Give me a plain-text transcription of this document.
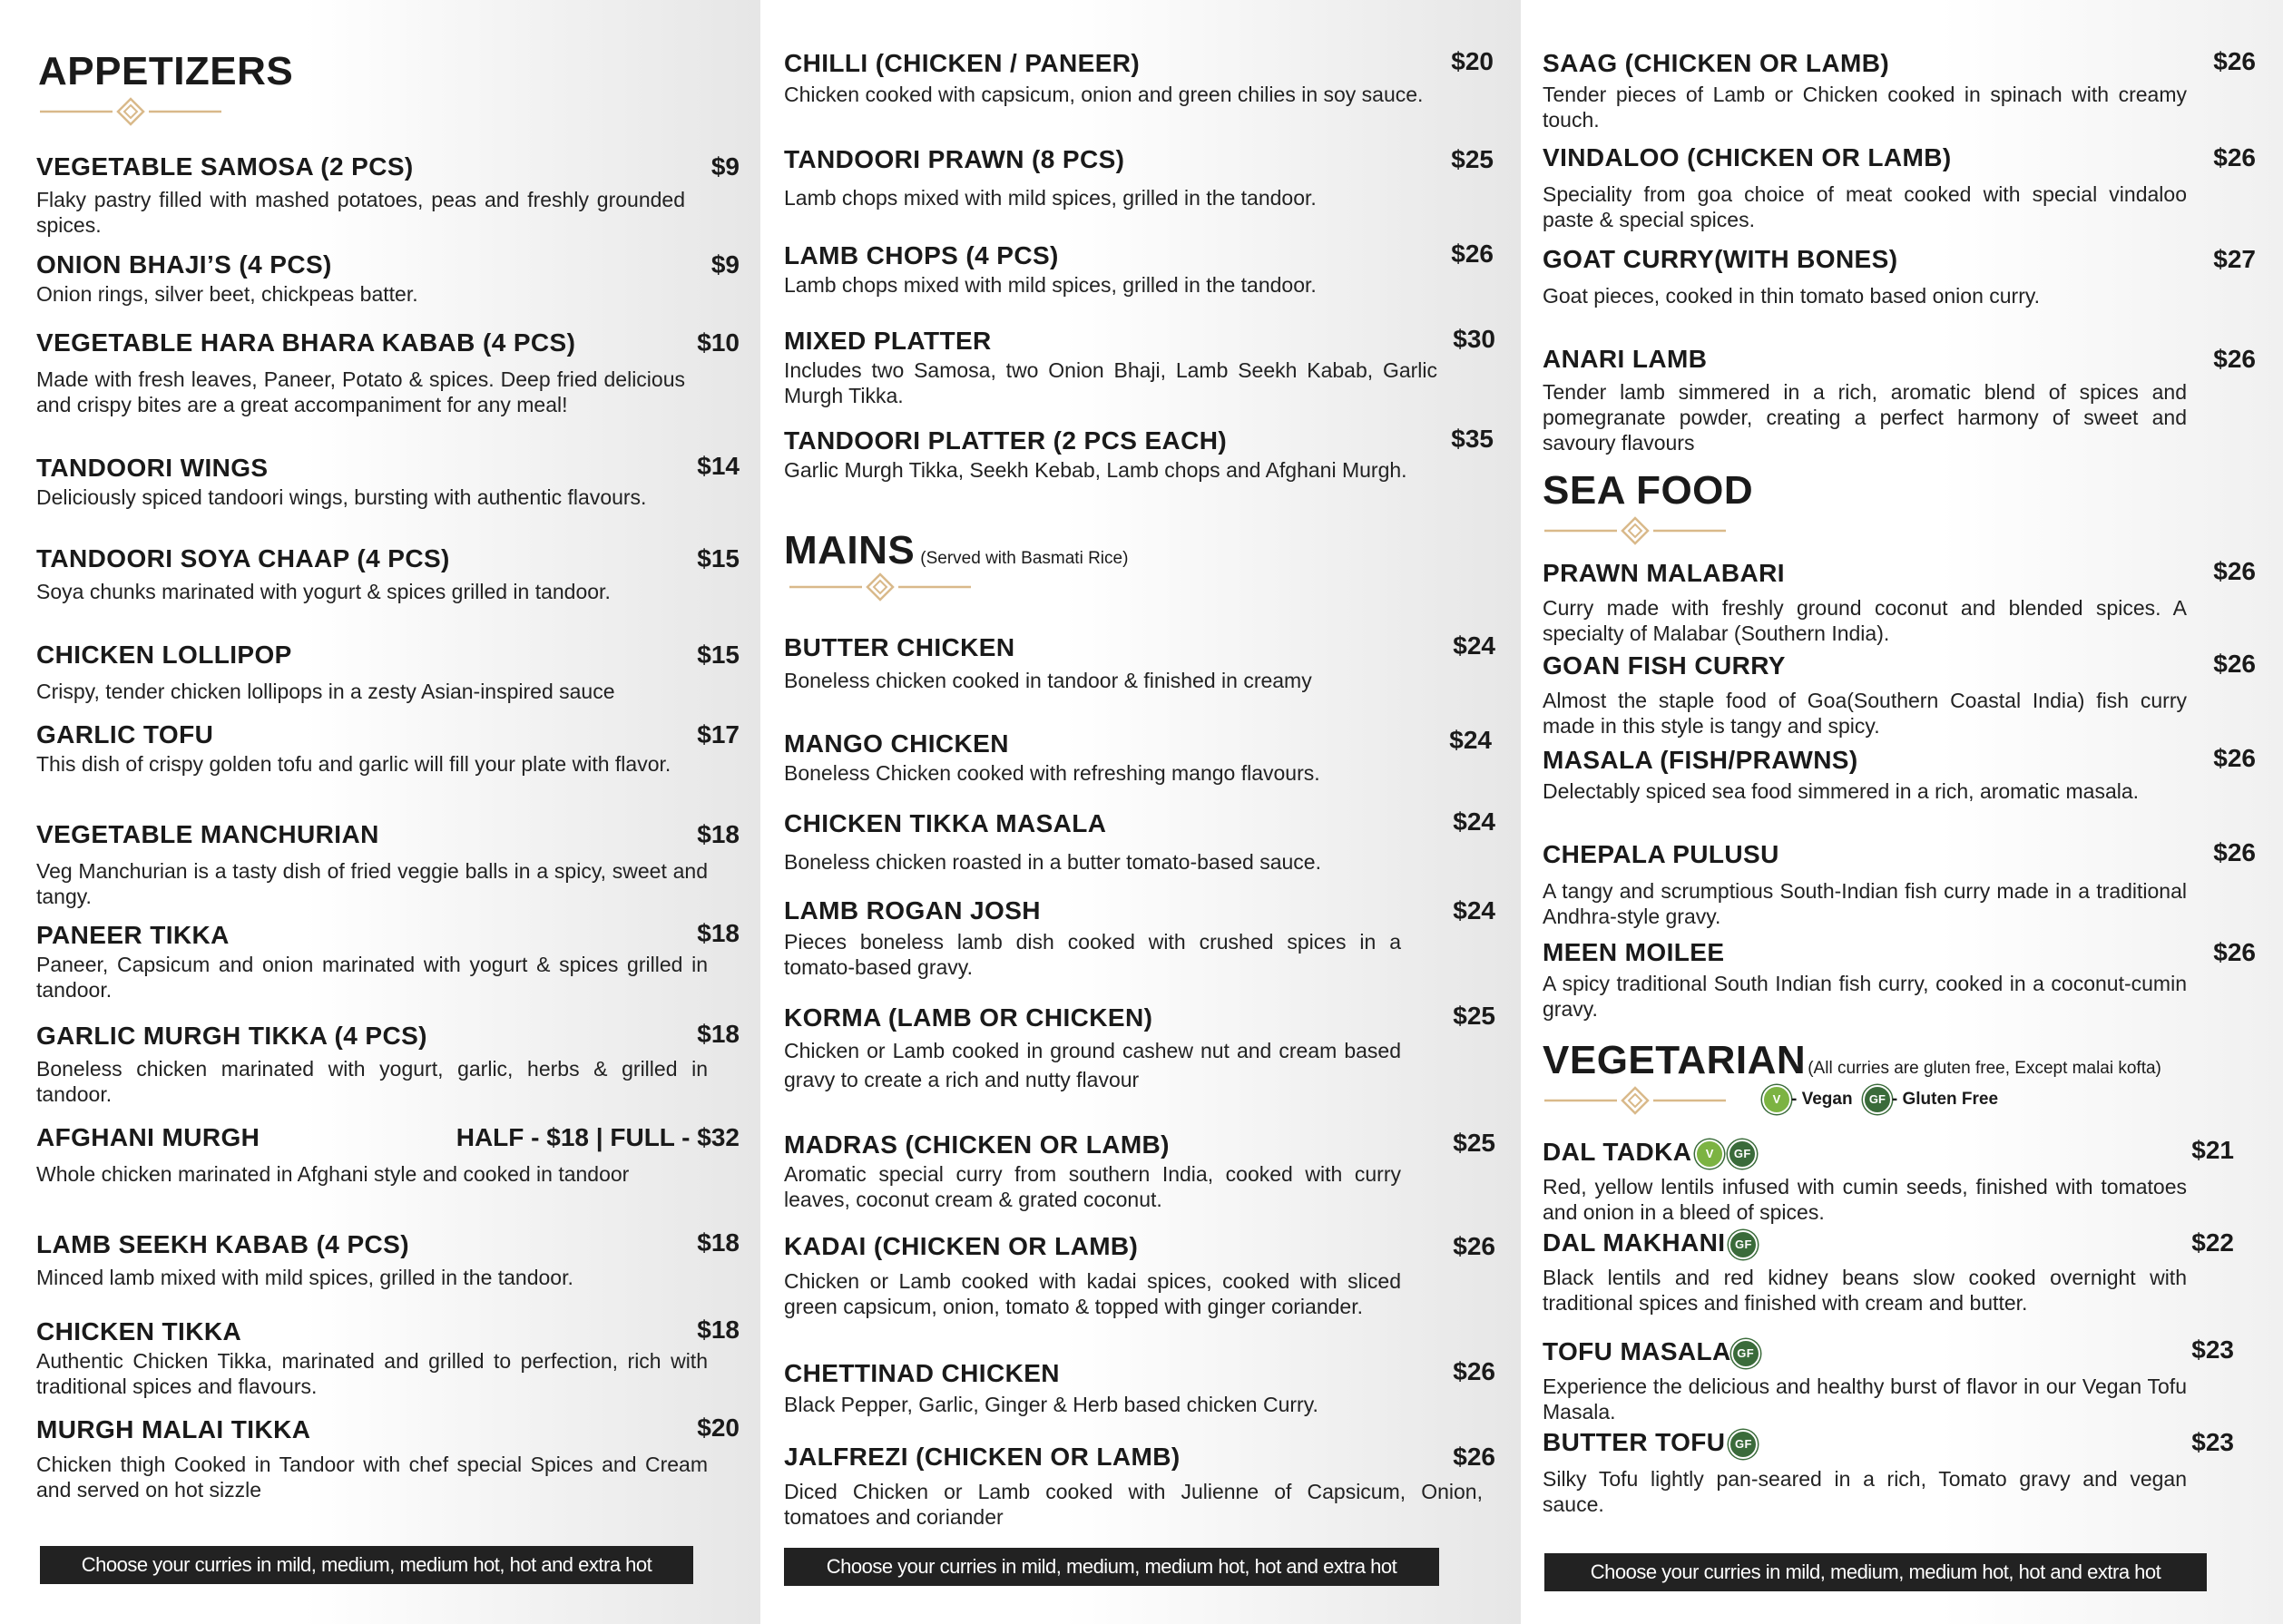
APPETIZERS
VEGETABLE SAMOSA (2 PCS)	$9
Flaky pastry filled with mashed potatoes, peas and freshly grounded spices.
ONION BHAJI’S (4 PCS)	$9
Onion rings, silver beet, chickpeas batter.
VEGETABLE HARA BHARA KABAB (4 PCS)	$10
Made with fresh leaves, Paneer, Potato & spices. Deep fried delicious and crispy bites are a great accompaniment for any meal!
TANDOORI WINGS	$14
Deliciously spiced tandoori wings, bursting with authentic flavours.
TANDOORI SOYA CHAAP (4 PCS)	$15
Soya chunks marinated with yogurt & spices grilled in tandoor.
CHICKEN LOLLIPOP	$15
Crispy, tender chicken lollipops in a zesty Asian-inspired sauce
GARLIC TOFU	$17
This dish of crispy golden tofu and garlic will fill your plate with flavor.
VEGETABLE MANCHURIAN	$18
Veg Manchurian is a tasty dish of fried veggie balls in a spicy, sweet and tangy.
PANEER TIKKA	$18
Paneer, Capsicum and onion marinated with yogurt & spices grilled in tandoor.
GARLIC MURGH TIKKA (4 PCS)	$18
Boneless chicken marinated with yogurt, garlic, herbs & grilled in tandoor.
AFGHANI MURGH	HALF - $18 | FULL - $32
Whole chicken marinated in Afghani style and cooked in tandoor
LAMB SEEKH KABAB (4 PCS)	$18
Minced lamb mixed with mild spices, grilled in the tandoor.
CHICKEN TIKKA	$18
Authentic Chicken Tikka, marinated and grilled to perfection, rich with traditional spices and flavours.
MURGH MALAI TIKKA	$20
Chicken thigh Cooked in Tandoor with chef special Spices and Cream and served on hot sizzle
Choose your curries in mild, medium, medium hot, hot and extra hot
CHILLI (CHICKEN / PANEER)	$20
Chicken cooked with capsicum, onion and green chilies in soy sauce.
TANDOORI PRAWN (8 PCS)	$25
Lamb chops mixed with mild spices, grilled in the tandoor.
LAMB CHOPS (4 PCS)	$26
Lamb chops mixed with mild spices, grilled in the tandoor.
MIXED PLATTER	$30
Includes two Samosa, two Onion Bhaji, Lamb Seekh Kabab, Garlic Murgh Tikka.
TANDOORI PLATTER (2 PCS EACH)	$35
Garlic Murgh Tikka, Seekh Kebab, Lamb chops and Afghani Murgh.
MAINS (Served with Basmati Rice)
BUTTER CHICKEN	$24
Boneless chicken cooked in tandoor & finished in creamy
MANGO CHICKEN	$24
Boneless Chicken cooked with refreshing mango flavours.
CHICKEN TIKKA MASALA	$24
Boneless chicken roasted in a butter tomato-based sauce.
LAMB ROGAN JOSH	$24
Pieces boneless lamb dish cooked with crushed spices in a tomato-based gravy.
KORMA (LAMB OR CHICKEN)	$25
Chicken or Lamb cooked in ground cashew nut and cream based gravy to create a rich and nutty flavour
MADRAS (CHICKEN OR LAMB)	$25
Aromatic special curry from southern India, cooked with curry leaves, coconut cream & grated coconut.
KADAI (CHICKEN OR LAMB)	$26
Chicken or Lamb cooked with kadai spices, cooked with sliced green capsicum, onion, tomato & topped with ginger coriander.
CHETTINAD CHICKEN	$26
Black Pepper, Garlic, Ginger & Herb based chicken Curry.
JALFREZI (CHICKEN OR LAMB)	$26
Diced Chicken or Lamb cooked with Julienne of Capsicum, Onion, tomatoes and coriander
Choose your curries in mild, medium, medium hot, hot and extra hot
SAAG (CHICKEN OR LAMB)	$26
Tender pieces of Lamb or Chicken cooked in spinach with creamy touch.
VINDALOO (CHICKEN OR LAMB)	$26
Speciality from goa choice of meat cooked with special vindaloo paste & special spices.
GOAT CURRY(WITH BONES)	$27
Goat pieces, cooked in thin tomato based onion curry.
ANARI LAMB	$26
Tender lamb simmered in a rich, aromatic blend of spices and pomegranate powder, creating a perfect harmony of sweet and savoury flavours
SEA FOOD
PRAWN MALABARI	$26
Curry made with freshly ground coconut and blended spices. A specialty of Malabar (Southern India).
GOAN FISH CURRY	$26
Almost the staple food of Goa(Southern Coastal India) fish curry made in this style is tangy and spicy.
MASALA (FISH/PRAWNS)	$26
Delectably spiced sea food simmered in a rich, aromatic masala.
CHEPALA PULUSU	$26
A tangy and scrumptious South-Indian fish curry made in a traditional Andhra-style gravy.
MEEN MOILEE	$26
A spicy traditional South Indian fish curry, cooked in a coconut-cumin gravy.
VEGETARIAN (All curries are gluten free, Except malai kofta)
V - Vegan GF - Gluten Free
DAL TADKA V GF	$21
Red, yellow lentils infused with cumin seeds, finished with tomatoes and onion in a bleed of spices.
DAL MAKHANI GF	$22
Black lentils and red kidney beans slow cooked overnight with traditional spices and finished with cream and butter.
TOFU MASALA GF	$23
Experience the delicious and healthy burst of flavor in our Vegan Tofu Masala.
BUTTER TOFU GF	$23
Silky Tofu lightly pan-seared in a rich, Tomato gravy and vegan sauce.
Choose your curries in mild, medium, medium hot, hot and extra hot
